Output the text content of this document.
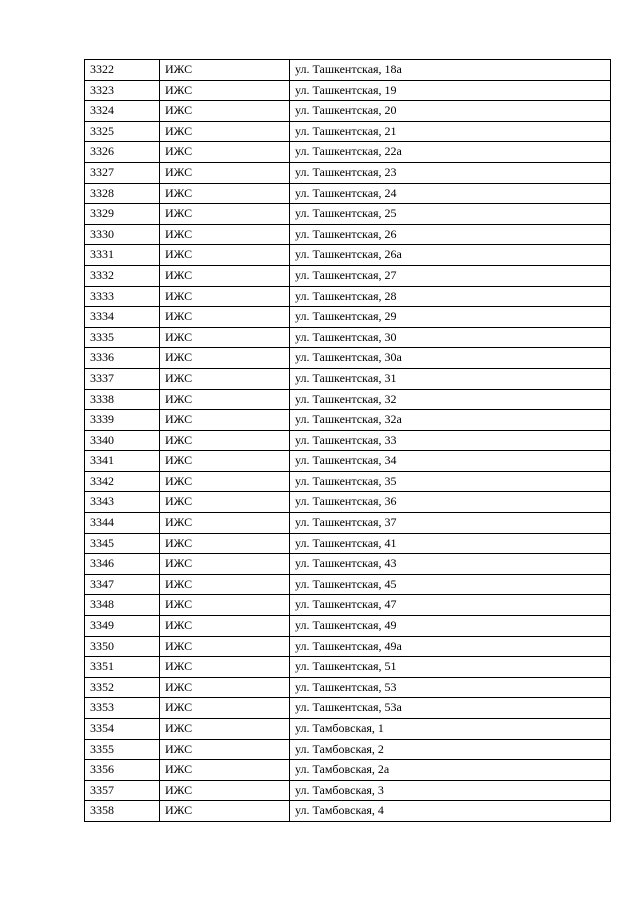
3322	ИЖС	ул. Ташкентская, 18а
3323	ИЖС	ул. Ташкентская, 19
3324	ИЖС	ул. Ташкентская, 20
3325	ИЖС	ул. Ташкентская, 21
3326	ИЖС	ул. Ташкентская, 22а
3327	ИЖС	ул. Ташкентская, 23
3328	ИЖС	ул. Ташкентская, 24
3329	ИЖС	ул. Ташкентская, 25
3330	ИЖС	ул. Ташкентская, 26
3331	ИЖС	ул. Ташкентская, 26а
3332	ИЖС	ул. Ташкентская, 27
3333	ИЖС	ул. Ташкентская, 28
3334	ИЖС	ул. Ташкентская, 29
3335	ИЖС	ул. Ташкентская, 30
3336	ИЖС	ул. Ташкентская, 30а
3337	ИЖС	ул. Ташкентская, 31
3338	ИЖС	ул. Ташкентская, 32
3339	ИЖС	ул. Ташкентская, 32а
3340	ИЖС	ул. Ташкентская, 33
3341	ИЖС	ул. Ташкентская, 34
3342	ИЖС	ул. Ташкентская, 35
3343	ИЖС	ул. Ташкентская, 36
3344	ИЖС	ул. Ташкентская, 37
3345	ИЖС	ул. Ташкентская, 41
3346	ИЖС	ул. Ташкентская, 43
3347	ИЖС	ул. Ташкентская, 45
3348	ИЖС	ул. Ташкентская, 47
3349	ИЖС	ул. Ташкентская, 49
3350	ИЖС	ул. Ташкентская, 49а
3351	ИЖС	ул. Ташкентская, 51
3352	ИЖС	ул. Ташкентская, 53
3353	ИЖС	ул. Ташкентская, 53а
3354	ИЖС	ул. Тамбовская, 1
3355	ИЖС	ул. Тамбовская, 2
3356	ИЖС	ул. Тамбовская, 2а
3357	ИЖС	ул. Тамбовская, 3
3358	ИЖС	ул. Тамбовская, 4
